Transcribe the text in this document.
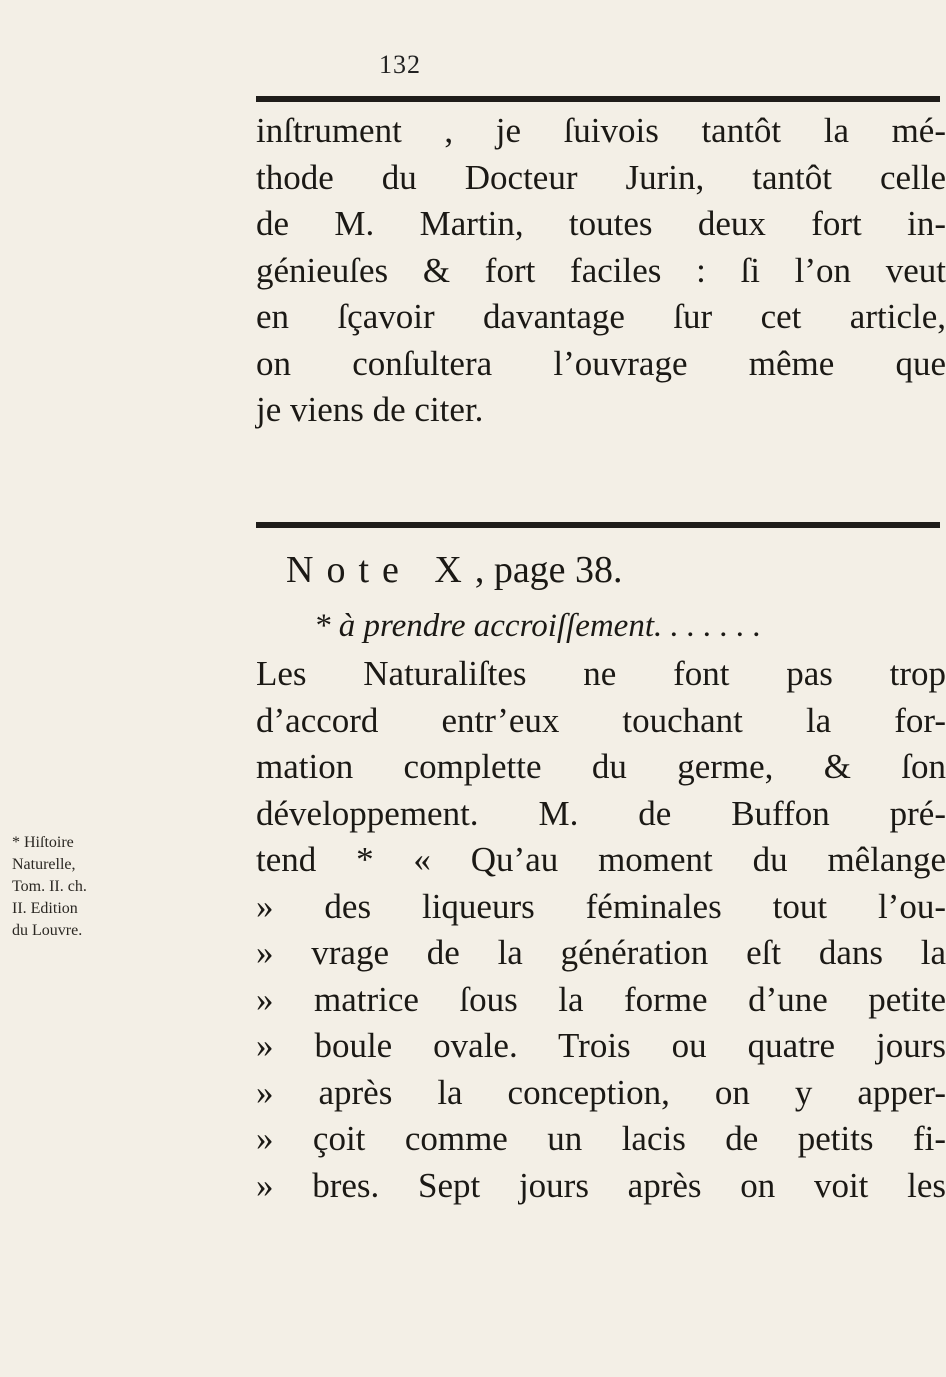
132
inſtrument , je ſuivois tantôt la mé-
thode du Docteur Jurin, tantôt celle
de M. Martin, toutes deux fort in-
génieuſes & fort faciles : ſi l’on veut
en ſçavoir davantage ſur cet article,
on conſultera l’ouvrage même que
je viens de citer.
Note X, page 38.
* à prendre accroiſſement. . . . . . .
Les Naturaliſtes ne font pas trop
d’accord entr’eux touchant la for-
mation complette du germe, & ſon
développement. M. de Buffon pré-
tend * « Qu’au moment du mêlange
» des liqueurs féminales tout l’ou-
» vrage de la génération eſt dans la
» matrice ſous la forme d’une petite
» boule ovale. Trois ou quatre jours
» après la conception, on y apper-
» çoit comme un lacis de petits fi-
» bres. Sept jours après on voit les
* Hiſtoire
Naturelle,
Tom. II. ch.
II. Edition
du Louvre.
